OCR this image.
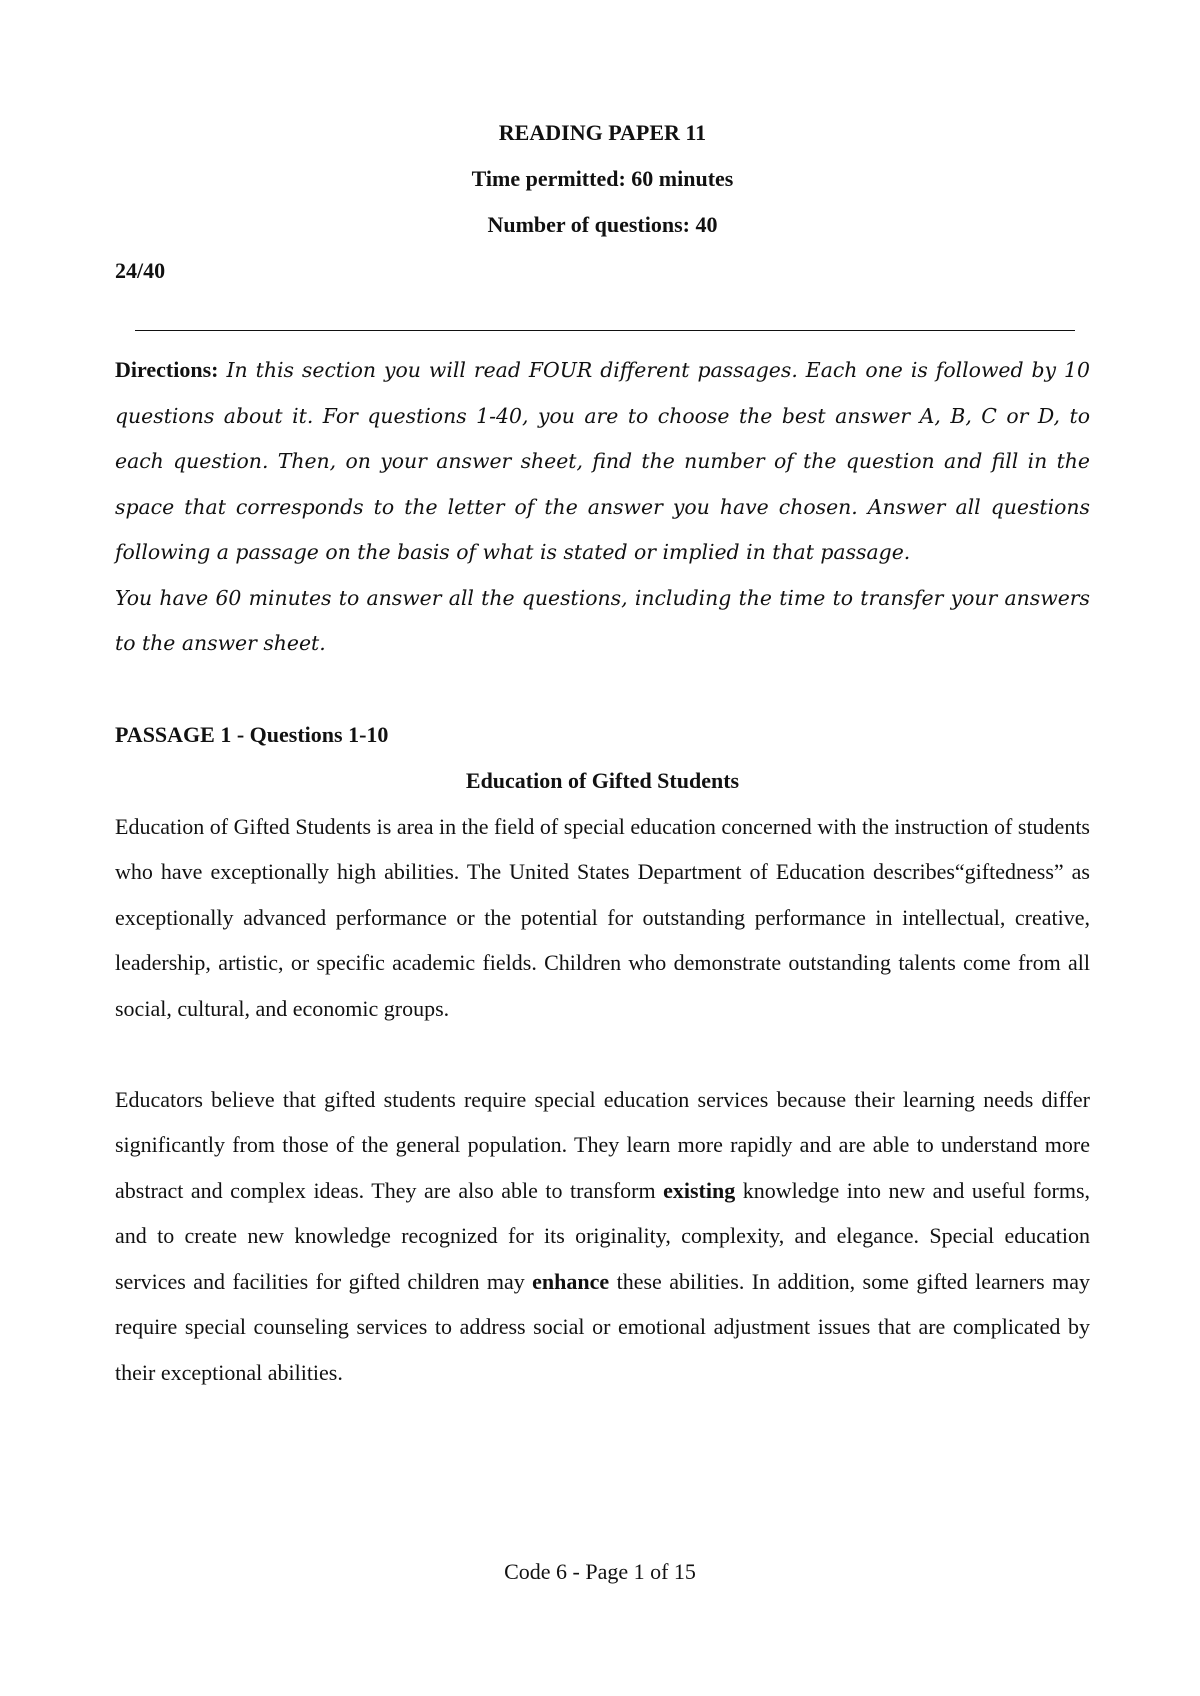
READING PAPER 11
Time permitted: 60 minutes
Number of questions: 40
24/40
Directions: In this section you will read FOUR different passages. Each one is followed by 10 questions about it. For questions 1-40, you are to choose the best answer A, B, C or D, to each question. Then, on your answer sheet, find the number of the question and fill in the space that corresponds to the letter of the answer you have chosen. Answer all questions following a passage on the basis of what is stated or implied in that passage.
You have 60 minutes to answer all the questions, including the time to transfer your answers to the answer sheet.
PASSAGE 1 - Questions 1-10
Education of Gifted Students

Education of Gifted Students is area in the field of special education concerned with the instruction of students who have exceptionally high abilities. The United States Department of Education describes“giftedness” as exceptionally advanced performance or the potential for outstanding performance in intellectual, creative, leadership, artistic, or specific academic fields. Children who demonstrate outstanding talents come from all social, cultural, and economic groups.

Educators believe that gifted students require special education services because their learning needs differ significantly from those of the general population. They learn more rapidly and are able to understand more abstract and complex ideas. They are also able to transform existing knowledge into new and useful forms, and to create new knowledge recognized for its originality, complexity, and elegance. Special education services and facilities for gifted children may enhance these abilities. In addition, some gifted learners may require special counseling services to address social or emotional adjustment issues that are complicated by their exceptional abilities.

Code 6 - Page 1 of 15
